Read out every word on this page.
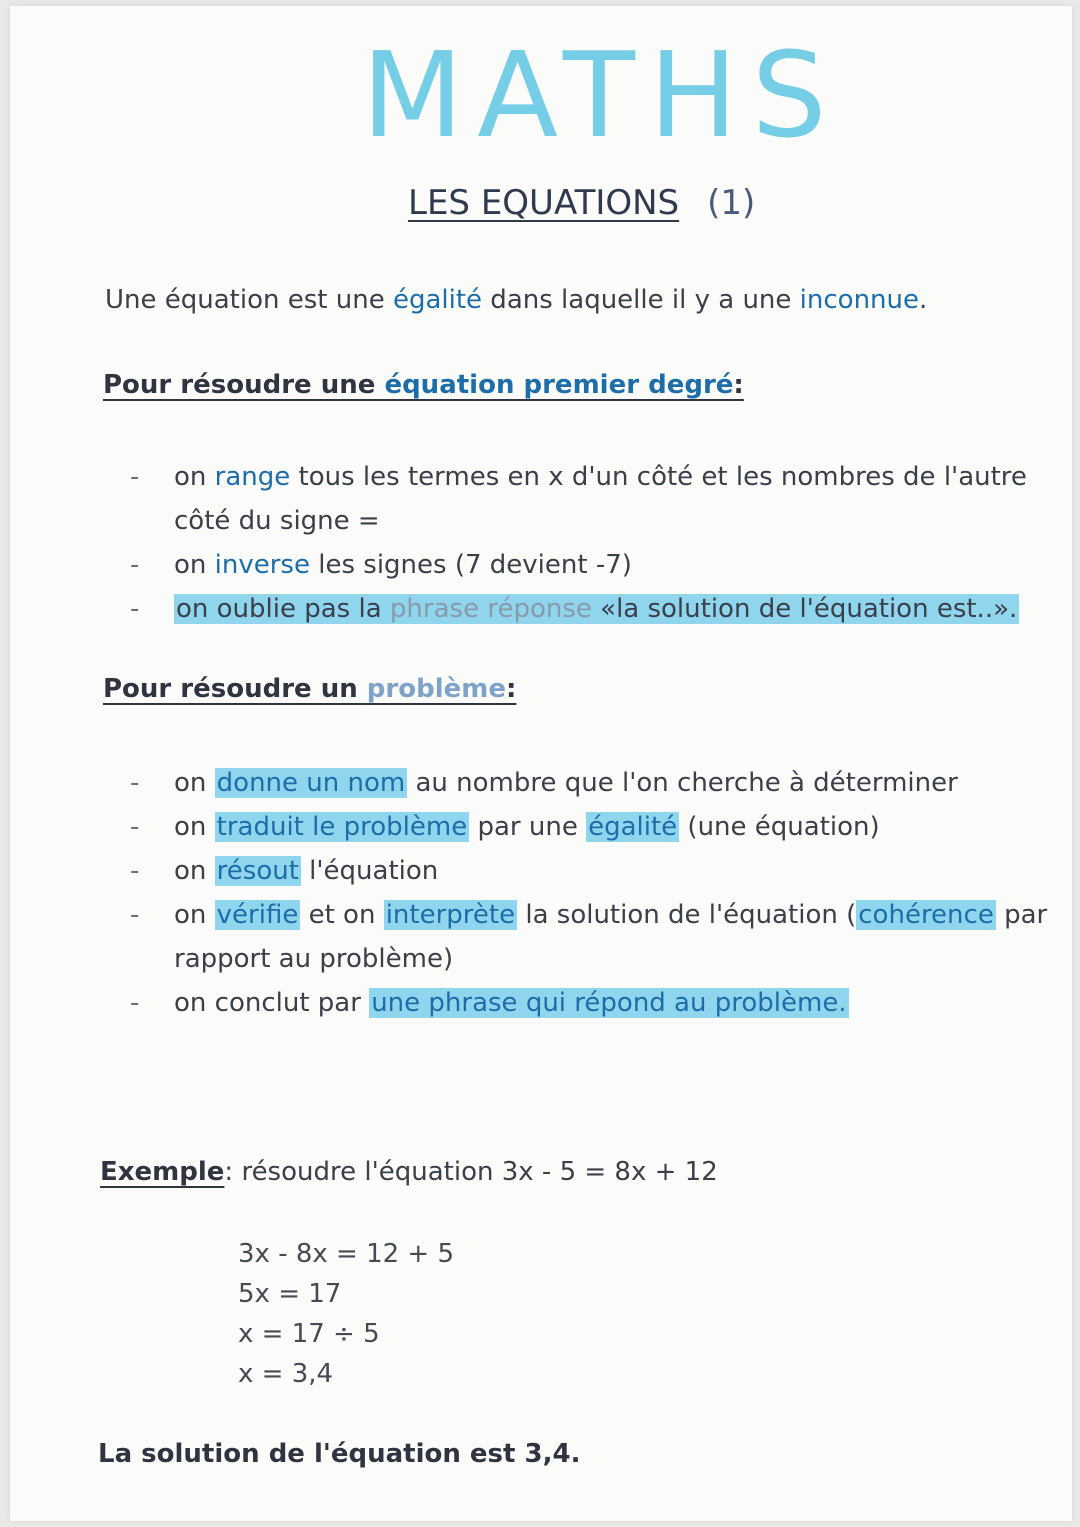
MATHS
LES EQUATIONS (1)
Une équation est une égalité dans laquelle il y a une inconnue.
Pour résoudre une équation premier degré:
- on range tous les termes en x d'un côté et les nombres de l'autre
côté du signe =
- on inverse les signes (7 devient -7)
- on oublie pas la phrase réponse «la solution de l'équation est..».
Pour résoudre un problème:
- on donne un nom au nombre que l'on cherche à déterminer
- on traduit le problème par une égalité (une équation)
- on résout l'équation
- on vérifie et on interprète la solution de l'équation (cohérence par
rapport au problème)
- on conclut par une phrase qui répond au problème.
Exemple: résoudre l'équation 3x - 5 = 8x + 12
3x - 8x = 12 + 5
5x = 17
x = 17 ÷ 5
x = 3,4
La solution de l'équation est 3,4.
